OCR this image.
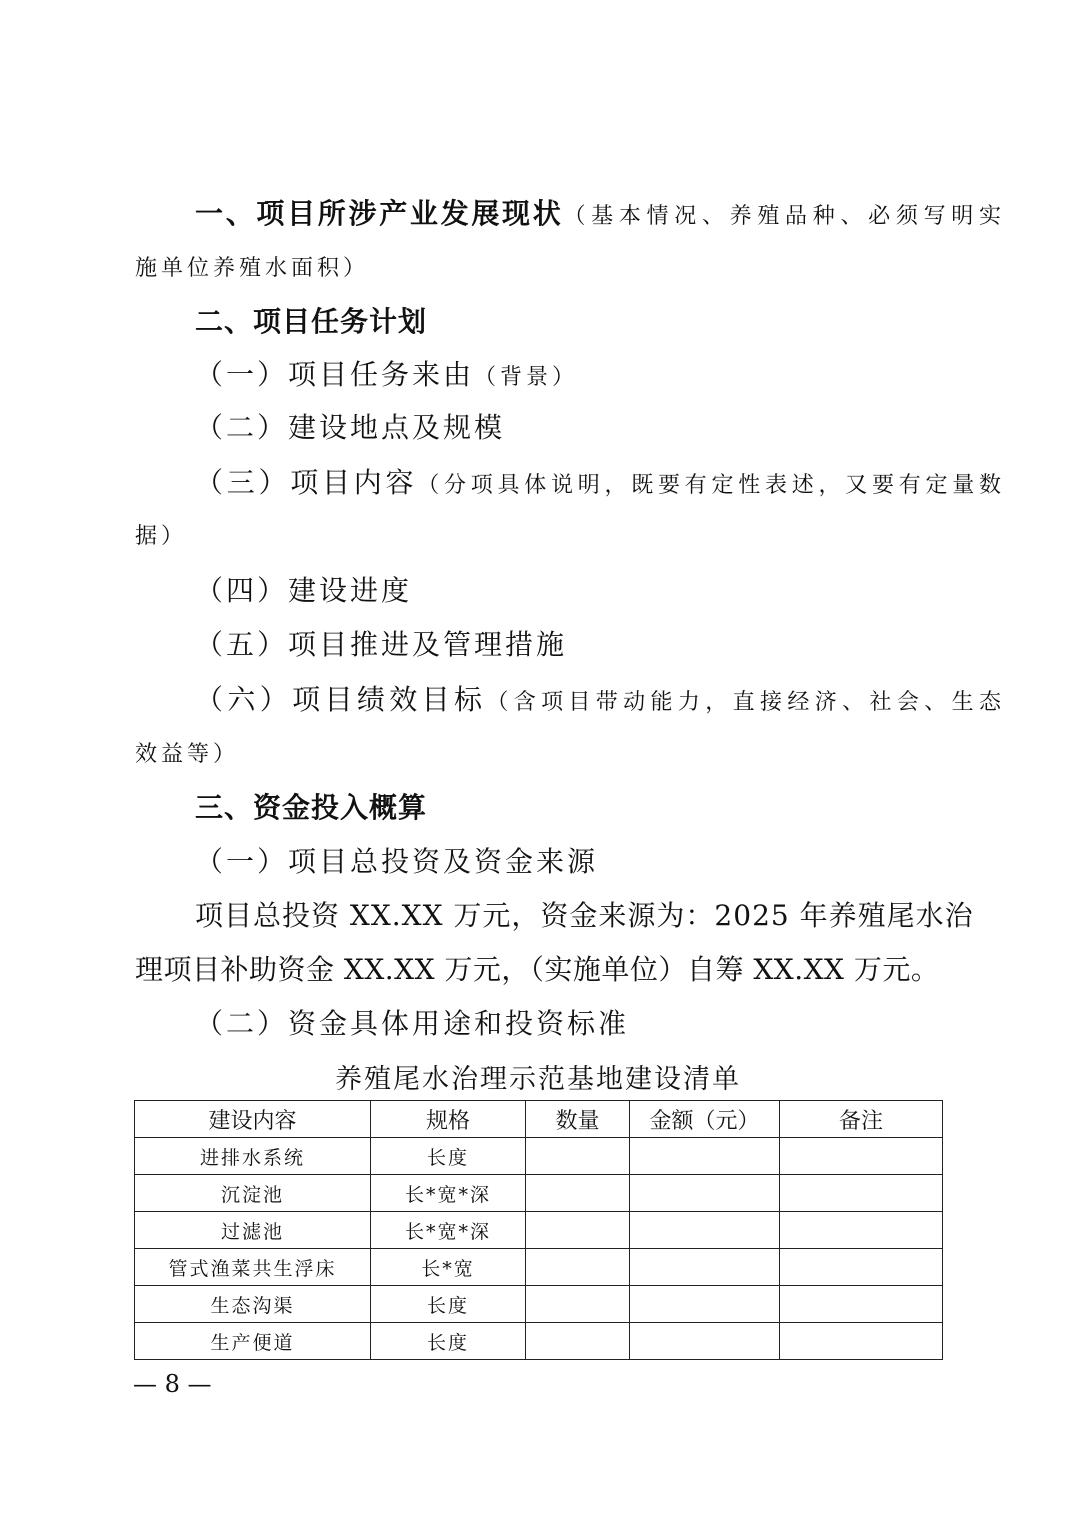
一、项目所涉产业发展现状（基本情况、养殖品种、必须写明实
施单位养殖水面积）
二、项目任务计划
（一）项目任务来由（背景）
（二）建设地点及规模
（三）项目内容（分项具体说明，既要有定性表述，又要有定量数
据）
（四）建设进度
（五）项目推进及管理措施
（六）项目绩效目标（含项目带动能力，直接经济、社会、生态
效益等）
三、资金投入概算
（一）项目总投资及资金来源
项目总投资 XX.XX 万元，资金来源为：2025 年养殖尾水治
理项目补助资金 XX.XX 万元，（实施单位）自筹 XX.XX 万元。
（二）资金具体用途和投资标准
养殖尾水治理示范基地建设清单
建设内容	规格	数量	金额（元）	备注
进排水系统	长度			
沉淀池	长*宽*深			
过滤池	长*宽*深			
管式渔菜共生浮床	长*宽			
生态沟渠	长度			
生产便道	长度			
— 8 —
